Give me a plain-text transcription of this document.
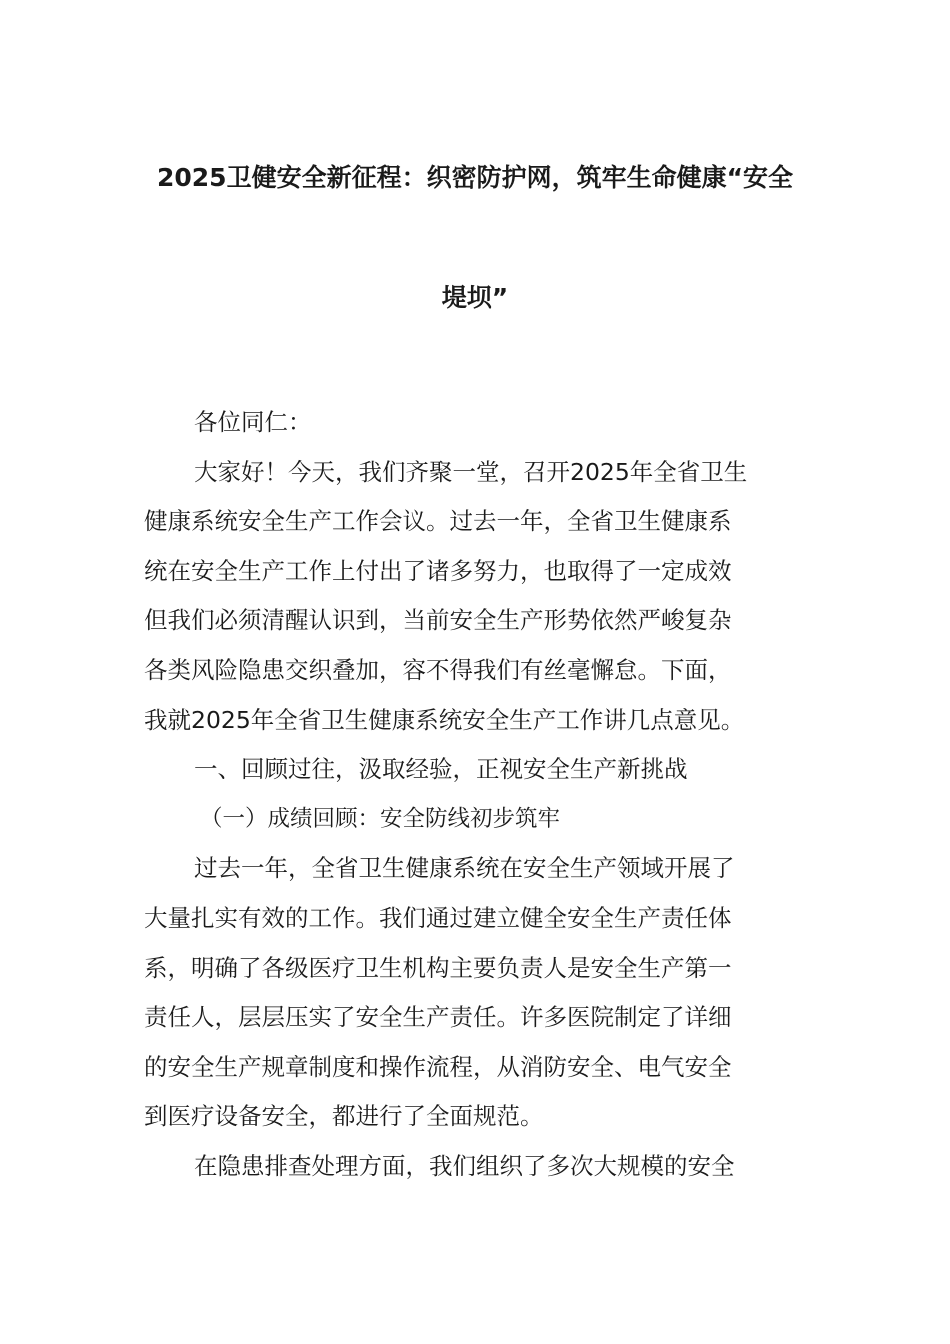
2025卫健安全新征程：织密防护网，筑牢生命健康“安全
堤坝”
各位同仁：
大家好！今天，我们齐聚一堂，召开2025年全省卫生
健康系统安全生产工作会议。过去一年，全省卫生健康系
统在安全生产工作上付出了诸多努力，也取得了一定成效
但我们必须清醒认识到，当前安全生产形势依然严峻复杂
各类风险隐患交织叠加，容不得我们有丝毫懈怠。下面，
我就2025年全省卫生健康系统安全生产工作讲几点意见。
一、回顾过往，汲取经验，正视安全生产新挑战
（一）成绩回顾：安全防线初步筑牢
过去一年，全省卫生健康系统在安全生产领域开展了
大量扎实有效的工作。我们通过建立健全安全生产责任体
系，明确了各级医疗卫生机构主要负责人是安全生产第一
责任人，层层压实了安全生产责任。许多医院制定了详细
的安全生产规章制度和操作流程，从消防安全、电气安全
到医疗设备安全，都进行了全面规范。
在隐患排查处理方面，我们组织了多次大规模的安全
